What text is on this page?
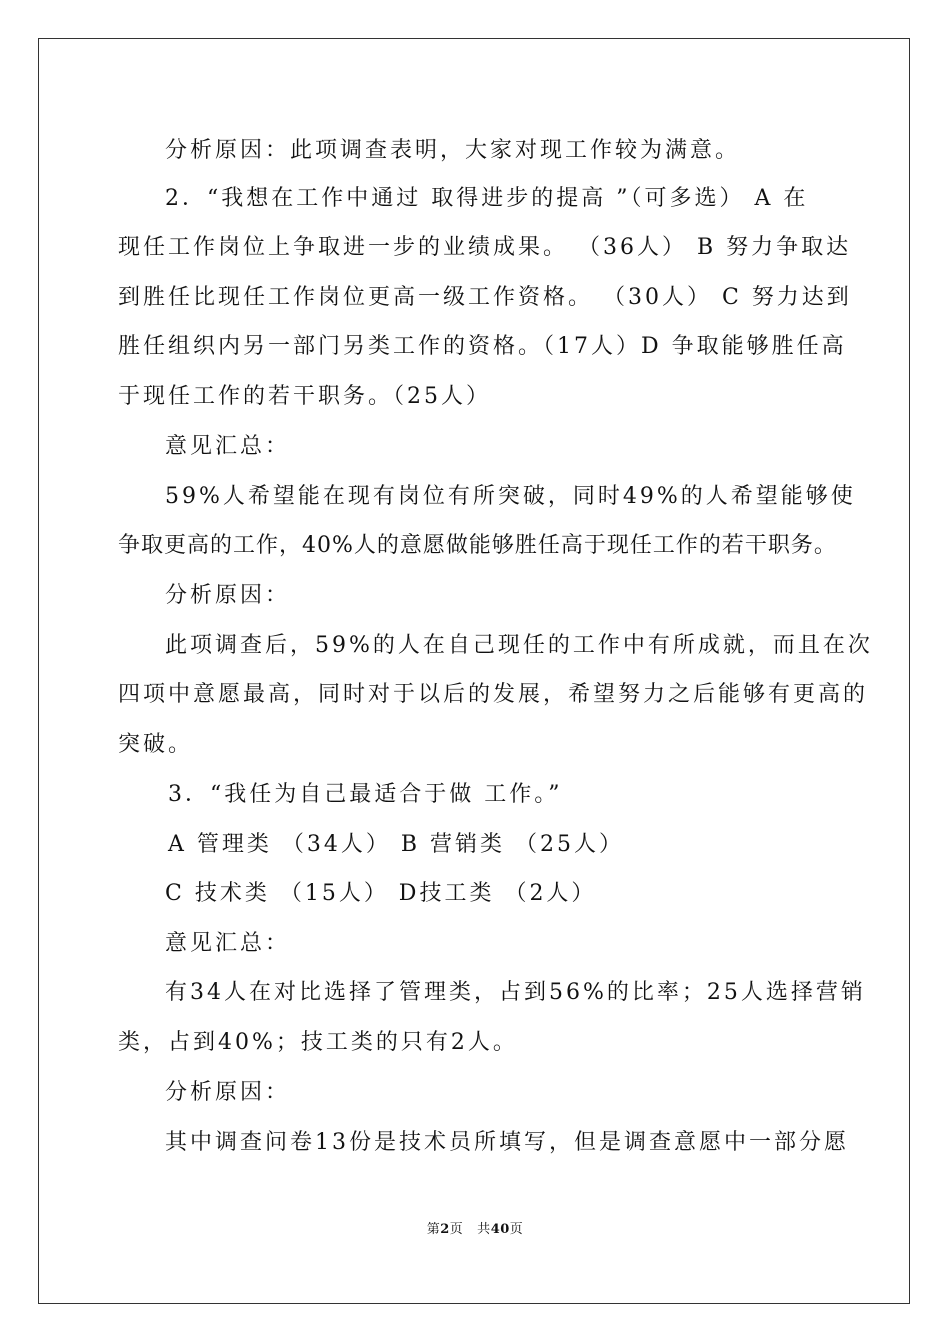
分析原因：此项调查表明，大家对现工作较为满意。
2．“我想在工作中通过 取得进步的提高 ”（可多选） A 在
现任工作岗位上争取进一步的业绩成果。 （36人） B 努力争取达
到胜任比现任工作岗位更高一级工作资格。 （30人） C 努力达到
胜任组织内另一部门另类工作的资格。（17人）D 争取能够胜任高
于现任工作的若干职务。（25人）
意见汇总：
59%人希望能在现有岗位有所突破，同时49%的人希望能够使
争取更高的工作，40%人的意愿做能够胜任高于现任工作的若干职务。
分析原因：
此项调查后，59%的人在自己现任的工作中有所成就，而且在次
四项中意愿最高，同时对于以后的发展，希望努力之后能够有更高的
突破。
3．“我任为自己最适合于做 工作。”
A 管理类 （34人） B 营销类 （25人）
C 技术类 （15人） D技工类 （2人）
意见汇总：
有34人在对比选择了管理类，占到56%的比率；25人选择营销
类，占到40%；技工类的只有2人。
分析原因：
其中调查问卷13份是技术员所填写，但是调查意愿中一部分愿
第2页 共40页
